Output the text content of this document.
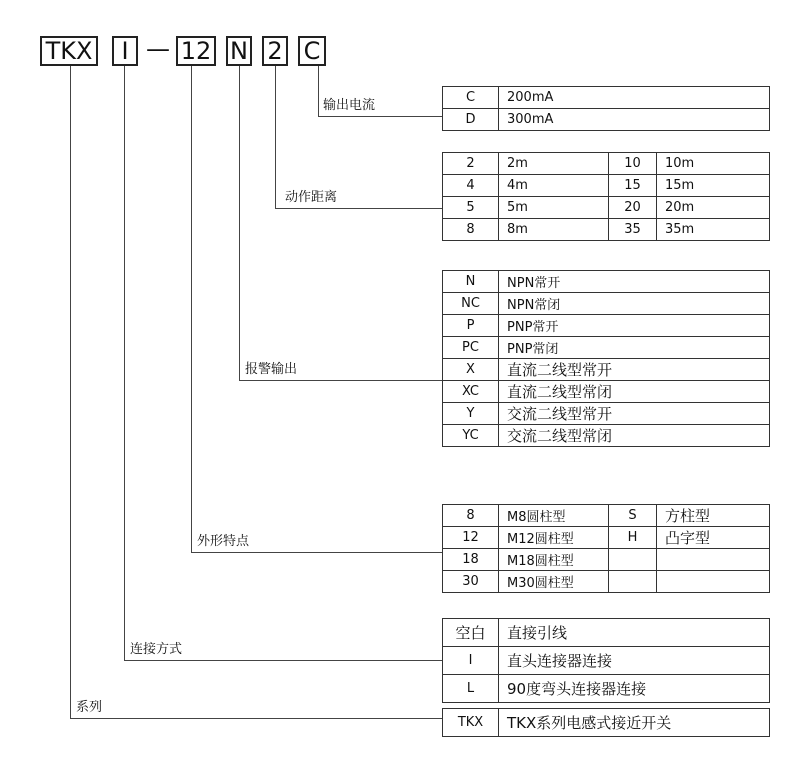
TKX	I — 12 N 2 C
输出电流
动作距离
报警输出
外形特点
连接方式
系列
C	200mA
D	300mA
2	2m	10	10m
4	4m	15	15m
5	5m	20	20m
8	8m	35	35m
N	NPN常开
NC	NPN常闭
P	PNP常开
PC	PNP常闭
X	直流二线型常开
XC	直流二线型常闭
Y	交流二线型常开
YC	交流二线型常闭
8	M8圆柱型	S	方柱型
12	M12圆柱型	H	凸字型
18	M18圆柱型		
30	M30圆柱型		
空白	直接引线
I	直头连接器连接
L	90度弯头连接器连接
TKX	TKX系列电感式接近开关
